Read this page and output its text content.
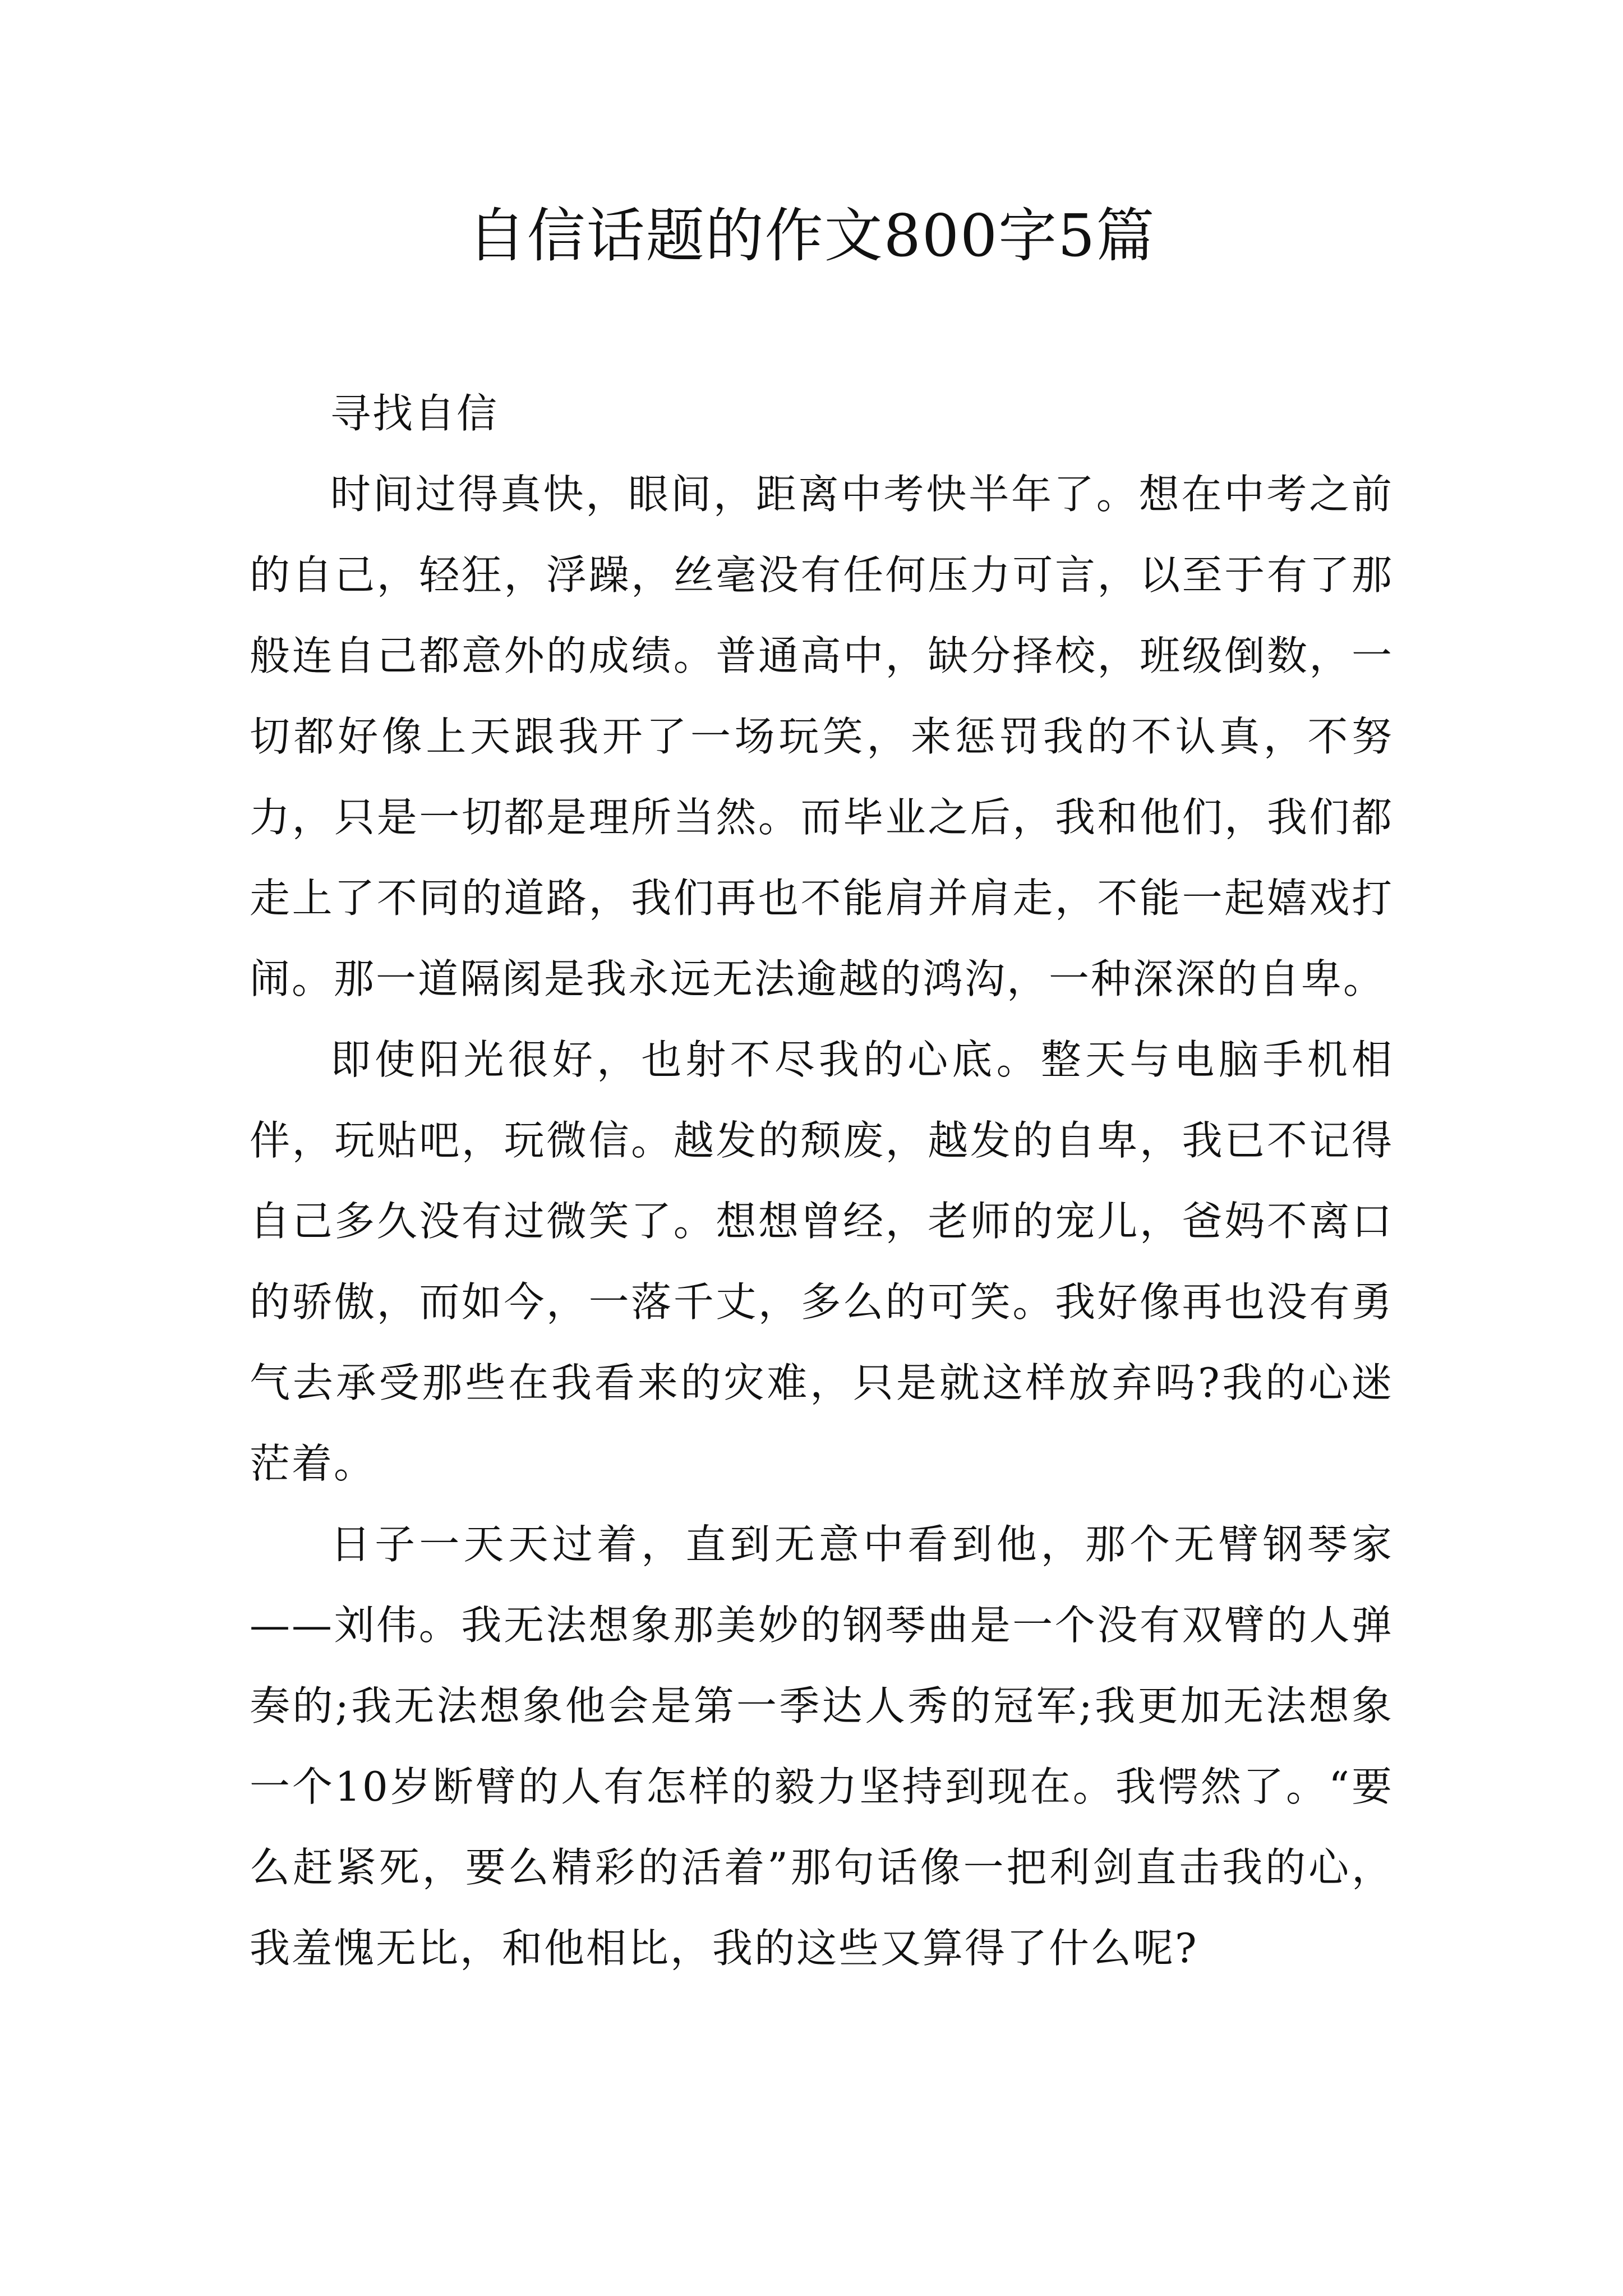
自信话题的作文800字5篇

寻找自信

时间过得真快，眼间，距离中考快半年了。想在中考之前的自己，轻狂，浮躁，丝毫没有任何压力可言，以至于有了那般连自己都意外的成绩。普通高中，缺分择校，班级倒数，一切都好像上天跟我开了一场玩笑，来惩罚我的不认真，不努力，只是一切都是理所当然。而毕业之后，我和他们，我们都走上了不同的道路，我们再也不能肩并肩走，不能一起嬉戏打闹。那一道隔阂是我永远无法逾越的鸿沟，一种深深的自卑。

即使阳光很好，也射不尽我的心底。整天与电脑手机相伴，玩贴吧，玩微信。越发的颓废，越发的自卑，我已不记得自己多久没有过微笑了。想想曾经，老师的宠儿，爸妈不离口的骄傲，而如今，一落千丈，多么的可笑。我好像再也没有勇气去承受那些在我看来的灾难，只是就这样放弃吗?我的心迷茫着。

日子一天天过着，直到无意中看到他，那个无臂钢琴家——刘伟。我无法想象那美妙的钢琴曲是一个没有双臂的人弹奏的;我无法想象他会是第一季达人秀的冠军;我更加无法想象一个10岁断臂的人有怎样的毅力坚持到现在。我愕然了。“要么赶紧死，要么精彩的活着”那句话像一把利剑直击我的心，我羞愧无比，和他相比，我的这些又算得了什么呢?
